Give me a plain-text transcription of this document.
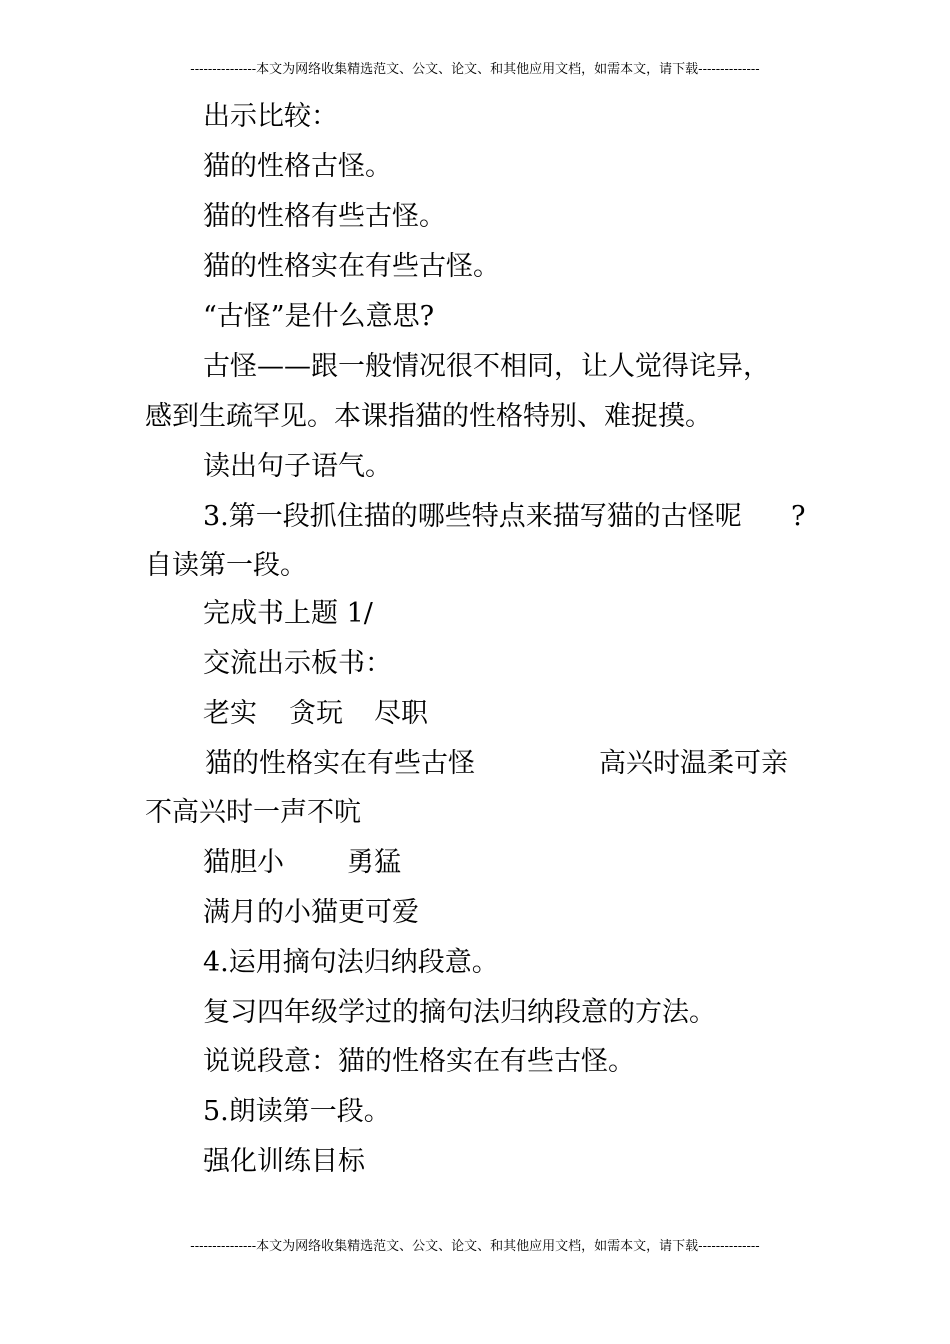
---------------本文为网络收集精选范文、公文、论文、和其他应用文档，如需本文，请下载--------------
出示比较：
猫的性格古怪。
猫的性格有些古怪。
猫的性格实在有些古怪。
“古怪”是什么意思?
古怪——跟一般情况很不相同，让人觉得诧异，
感到生疏罕见。本课指猫的性格特别、难捉摸。
读出句子语气。
3.第一段抓住描的哪些特点来描写猫的古怪呢 ?
自读第一段。
完成书上题 1/
交流出示板书：
老实 贪玩 尽职
猫的性格实在有些古怪	高兴时温柔可亲
不高兴时一声不吭
猫胆小 勇猛
满月的小猫更可爱
4.运用摘句法归纳段意。
复习四年级学过的摘句法归纳段意的方法。
说说段意：猫的性格实在有些古怪。
5.朗读第一段。
强化训练目标
---------------本文为网络收集精选范文、公文、论文、和其他应用文档，如需本文，请下载--------------
